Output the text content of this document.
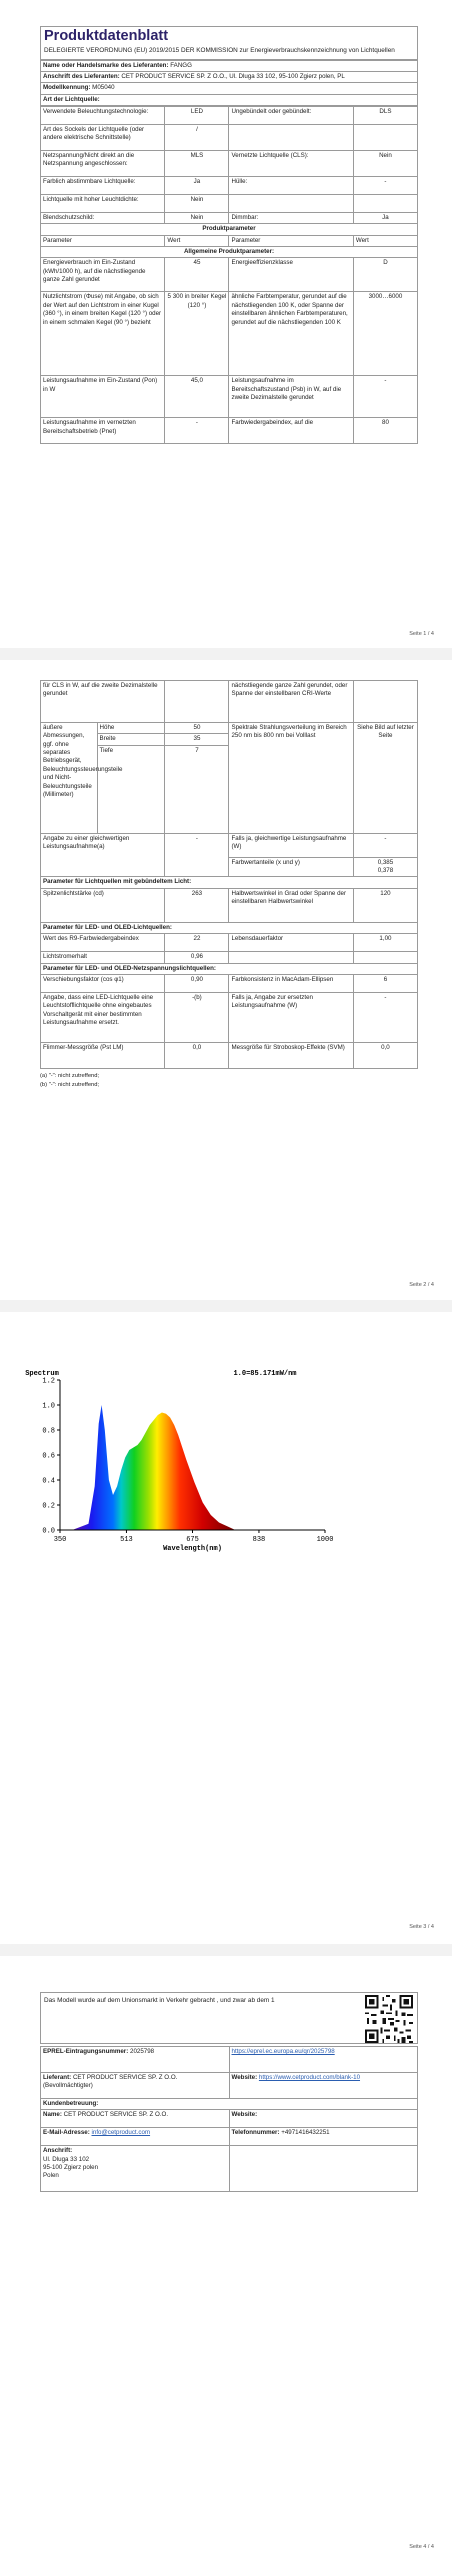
Produktdatenblatt
DELEGIERTE VERORDNUNG (EU) 2019/2015 DER KOMMISSION zur Energieverbrauchskennzeichnung von Lichtquellen
Name oder Handelsmarke des Lieferanten: FANGG
Anschrift des Lieferanten: CET PRODUCT SERVICE SP. Z O.O., Ul. Dluga 33 102, 95-100 Zgierz polen, PL
Modellkennung: M05040
Art der Lichtquelle:
Verwendete Beleuchtungstechnologie:	LED	Ungebündelt oder gebündelt:	DLS
Art des Sockels der Lichtquelle (oder andere elektrische Schnittstelle)	/		
Netzspannung/Nicht direkt an die Netzspannung angeschlossen:	MLS	Vernetzte Lichtquelle (CLS):	Nein
Farblich abstimmbare Lichtquelle:	Ja	Hülle:	-
Lichtquelle mit hoher Leuchtdichte:	Nein		
Blendschutzschild:	Nein	Dimmbar:	Ja
Produktparameter			
Parameter	Wert	Parameter	Wert
Allgemeine Produktparameter:			
Energieverbrauch im Ein-Zustand (kWh/1000 h), auf die nächstliegende ganze Zahl gerundet	45	Energieeffizienzklasse	D
Nutzlichtstrom (Φuse) mit Angabe, ob sich der Wert auf den Lichtstrom in einer Kugel (360 °), in einem breiten Kegel (120 °) oder in einem schmalen Kegel (90 °) bezieht	5 300 in breiter Kegel (120 °)	ähnliche Farbtemperatur, gerundet auf die nächstliegenden 100 K, oder Spanne der einstellbaren ähnlichen Farbtemperaturen, gerundet auf die nächstliegenden 100 K	3000…6000
Leistungsaufnahme im Ein-Zustand (Pon) in W	45,0	Leistungsaufnahme im Bereitschaftszustand (Psb) in W, auf die zweite Dezimalstelle gerundet	-
Leistungsaufnahme im vernetzten Bereitschaftsbetrieb (Pnet)	-	Farbwiedergabeindex, auf die	80
Seite 1 / 4
für CLS in W, auf die zweite Dezimalstelle gerundet			nächstliegende ganze Zahl gerundet, oder Spanne der einstellbaren CRI-Werte	
äußere Abmessungen, ggf. ohne separates Betriebsgerät, Beleuchtungssteuerungsteile und Nicht-Beleuchtungsteile (Millimeter)	Höhe	50	Spektrale Strahlungsverteilung im Bereich 250 nm bis 800 nm bei Volllast	Siehe Bild auf letzter Seite
	Breite	35		
	Tiefe	7		
Angabe zu einer gleichwertigen Leistungsaufnahme(a)		-	Falls ja, gleichwertige Leistungsaufnahme (W)	-
			Farbwertanteile (x und y)	0,385
0,378
Parameter für Lichtquellen mit gebündeltem Licht:				
Spitzenlichtstärke (cd)		263	Halbwertswinkel in Grad oder Spanne der einstellbaren Halbwertswinkel	120
Parameter für LED- und OLED-Lichtquellen:				
Wert des R9-Farbwiedergabeindex		22	Lebensdauerfaktor	1,00
Lichtstromerhalt		0,96		
Parameter für LED- und OLED-Netzspannungslichtquellen:				
Verschiebungsfaktor (cos φ1)		0,90	Farbkonsistenz in MacAdam-Ellipsen	6
Angabe, dass eine LED-Lichtquelle eine Leuchtstofflichtquelle ohne eingebautes Vorschaltgerät mit einer bestimmten Leistungsaufnahme ersetzt.		-(b)	Falls ja, Angabe zur ersetzten Leistungsaufnahme (W)	-
Flimmer-Messgröße (Pst LM)		0,0	Messgröße für Stroboskop-Effekte (SVM)	0,0
(a) "-": nicht zutreffend;
(b) "-": nicht zutreffend;
Seite 2 / 4
0.0
0.2
0.4
0.6
0.8
1.0
1.2
350	513	675	838	1000
Wavelength(nm)
Spectrum	1.0=85.171mW/nm
Seite 3 / 4
Das Modell wurde auf dem Unionsmarkt in Verkehr gebracht , und zwar ab dem 1
EPREL-Eintragungsnummer: 2025798	https://eprel.ec.europa.eu/qr/2025798
Lieferant: CET PRODUCT SERVICE SP. Z O.O. (Bevollmächtigter)	Website: https://www.cetproduct.com/blank-10
Kundenbetreuung:	
Name: CET PRODUCT SERVICE SP. Z O.O.	Website:
E-Mail-Adresse: info@cetproduct.com	Telefonnummer: +4971416432251

Anschrift:
Ul. Dluga 33 102
95-100 Zgierz polen
Polen	

Seite 4 / 4
